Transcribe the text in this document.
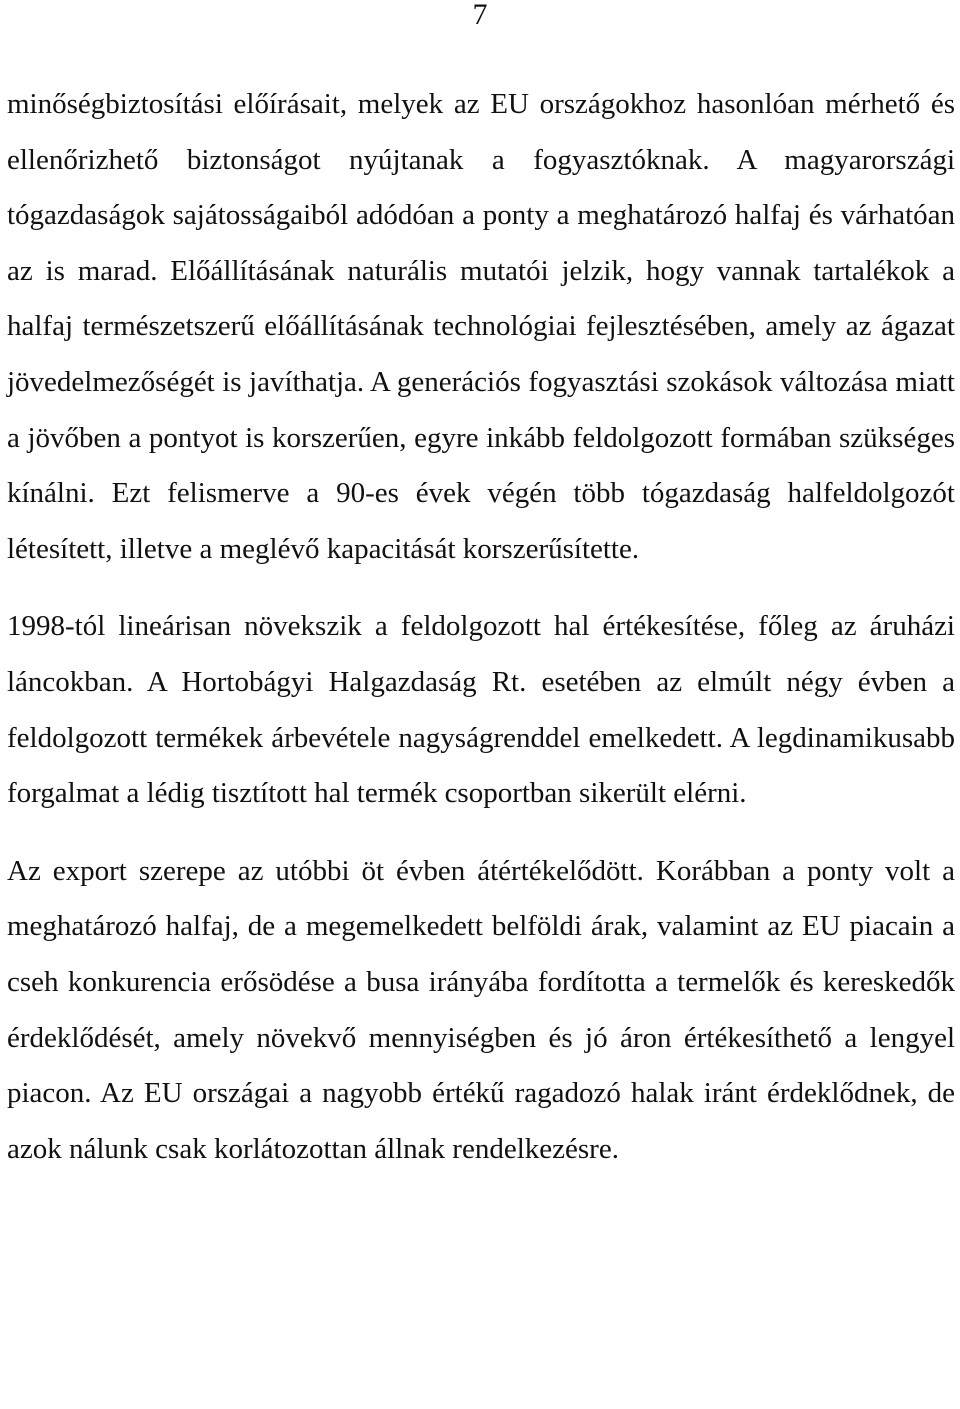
7

minőségbiztosítási előírásait, melyek az EU országokhoz hasonlóan mérhető és ellenőrizhető biztonságot nyújtanak a fogyasztóknak. A magyarországi tógazdaságok sajátosságaiból adódóan a ponty a meghatározó halfaj és várhatóan az is marad. Előállításának naturális mutatói jelzik, hogy vannak tartalékok a halfaj természetszerű előállításának technológiai fejlesztésében, amely az ágazat jövedelmezőségét is javíthatja. A generációs fogyasztási szokások változása miatt a jövőben a pontyot is korszerűen, egyre inkább feldolgozott formában szükséges kínálni. Ezt felismerve a 90-es évek végén több tógazdaság halfeldolgozót létesített, illetve a meglévő kapacitását korszerűsítette.

1998-tól lineárisan növekszik a feldolgozott hal értékesítése, főleg az áruházi láncokban. A Hortobágyi Halgazdaság Rt. esetében az elmúlt négy évben a feldolgozott termékek árbevétele nagyságrenddel emelkedett. A legdinamikusabb forgalmat a lédig tisztított hal termék csoportban sikerült elérni.

Az export szerepe az utóbbi öt évben átértékelődött. Korábban a ponty volt a meghatározó halfaj, de a megemelkedett belföldi árak, valamint az EU piacain a cseh konkurencia erősödése a busa irányába fordította a termelők és kereskedők érdeklődését, amely növekvő mennyiségben és jó áron értékesíthető a lengyel piacon. Az EU országai a nagyobb értékű ragadozó halak iránt érdeklődnek, de azok nálunk csak korlátozottan állnak rendelkezésre.
